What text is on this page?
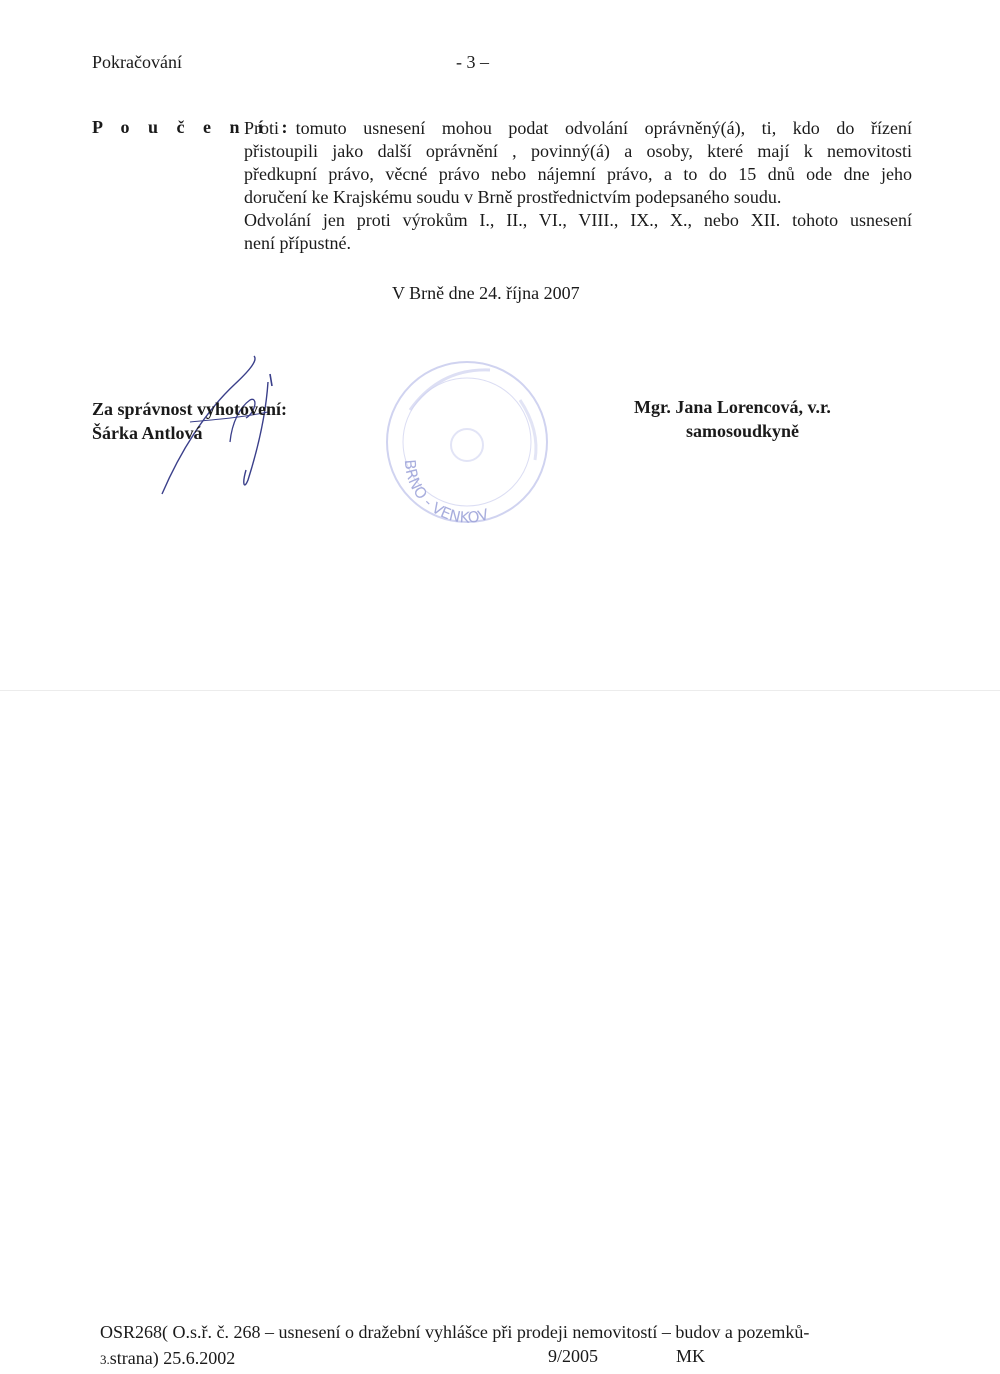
Pokračování	- 3 –
P o u č e n í :
Proti tomuto usnesení mohou podat odvolání oprávněný(á), ti, kdo do řízení
přistoupili jako další oprávnění , povinný(á) a osoby, které mají k nemovitosti
předkupní právo, věcné právo nebo nájemní právo, a to do 15 dnů ode dne jeho
doručení ke Krajskému soudu v Brně prostřednictvím podepsaného soudu.
Odvolání jen proti výrokům I., II., VI., VIII., IX., X., nebo XII. tohoto usnesení
není přípustné.
V Brně dne 24. října 2007
BRNO - VENKOV
Za správnost vyhotovení:
Šárka Antlová
Mgr. Jana Lorencová, v.r.
samosoudkyně
OSR268( O.s.ř. č. 268 – usnesení o dražební vyhlášce při prodeji nemovitostí – budov a pozemků-
3.strana) 25.6.2002	9/2005	MK
